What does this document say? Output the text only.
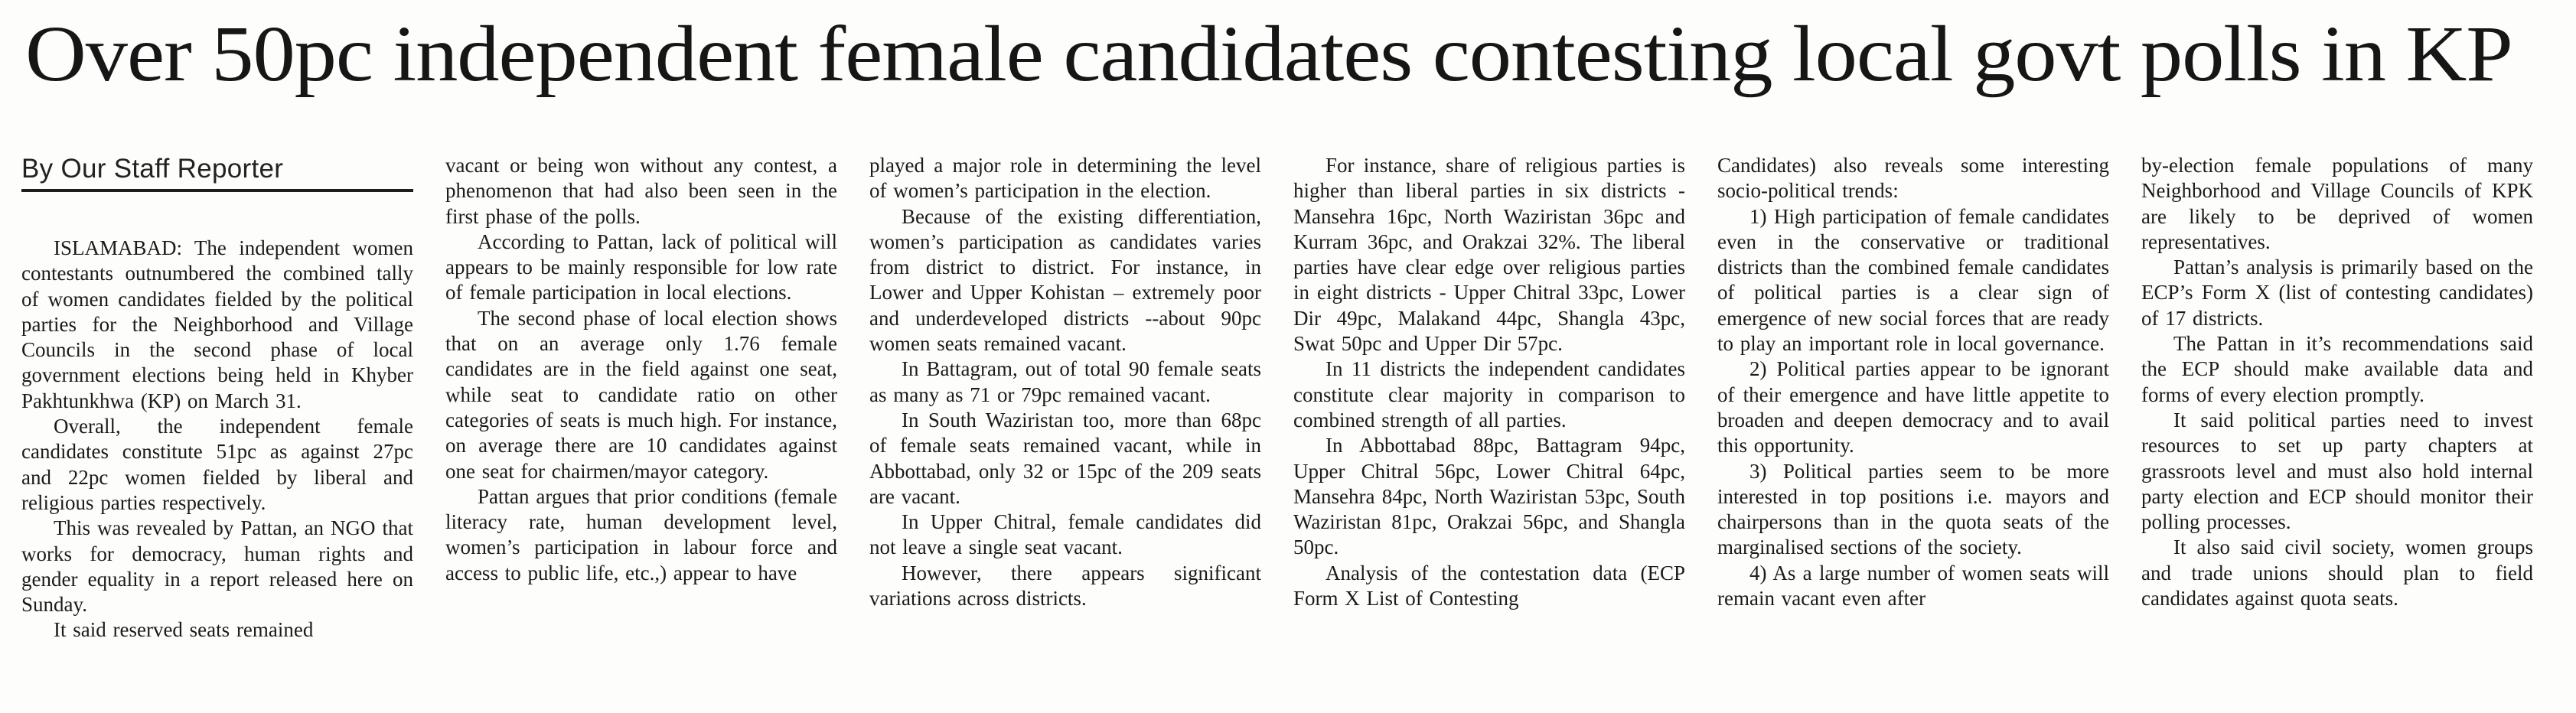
Over 50pc independent female candidates contesting local govt polls in KP
By Our Staff Reporter

ISLAMABAD: The independent women contestants outnumbered the combined tally of women candidates fielded by the political parties for the Neighborhood and Village Councils in the second phase of local government elections being held in Khyber Pakhtunkhwa (KP) on March 31.

Overall, the independent female candidates constitute 51pc as against 27pc and 22pc women fielded by liberal and religious parties respectively.

This was revealed by Pattan, an NGO that works for democracy, human rights and gender equality in a report released here on Sunday.

It said reserved seats remained

vacant or being won without any contest, a phenomenon that had also been seen in the first phase of the polls.

According to Pattan, lack of political will appears to be mainly responsible for low rate of female participation in local elections.

The second phase of local election shows that on an average only 1.76 female candidates are in the field against one seat, while seat to candidate ratio on other categories of seats is much high. For instance, on average there are 10 candidates against one seat for chairmen/mayor category.

Pattan argues that prior conditions (female literacy rate, human development level, women’s participation in labour force and access to public life, etc.,) appear to have

played a major role in determining the level of women’s participation in the election.

Because of the existing differentiation, women’s participation as candidates varies from district to district. For instance, in Lower and Upper Kohistan – extremely poor and underdeveloped districts --about 90pc women seats remained vacant.

In Battagram, out of total 90 female seats as many as 71 or 79pc remained vacant.

In South Waziristan too, more than 68pc of female seats remained vacant, while in Abbottabad, only 32 or 15pc of the 209 seats are vacant.

In Upper Chitral, female candidates did not leave a single seat vacant.

However, there appears significant variations across districts.

For instance, share of religious parties is higher than liberal parties in six districts - Mansehra 16pc, North Waziristan 36pc and Kurram 36pc, and Orakzai 32%. The liberal parties have clear edge over religious parties in eight districts - Upper Chitral 33pc, Lower Dir 49pc, Malakand 44pc, Shangla 43pc, Swat 50pc and Upper Dir 57pc.

In 11 districts the independent candidates constitute clear majority in comparison to combined strength of all parties.

In Abbottabad 88pc, Battagram 94pc, Upper Chitral 56pc, Lower Chitral 64pc, Mansehra 84pc, North Waziristan 53pc, South Waziristan 81pc, Orakzai 56pc, and Shangla 50pc.

Analysis of the contestation data (ECP Form X List of Contesting

Candidates) also reveals some interesting socio-political trends:

1) High participation of female candidates even in the conservative or traditional districts than the combined female candidates of political parties is a clear sign of emergence of new social forces that are ready to play an important role in local governance.

2) Political parties appear to be ignorant of their emergence and have little appetite to broaden and deepen democracy and to avail this opportunity.

3) Political parties seem to be more interested in top positions i.e. mayors and chairpersons than in the quota seats of the marginalised sections of the society.

4) As a large number of women seats will remain vacant even after

by-election female populations of many Neighborhood and Village Councils of KPK are likely to be deprived of women representatives.

Pattan’s analysis is primarily based on the ECP’s Form X (list of contesting candidates) of 17 districts.

The Pattan in it’s recommendations said the ECP should make available data and forms of every election promptly.

It said political parties need to invest resources to set up party chapters at grassroots level and must also hold internal party election and ECP should monitor their polling processes.

It also said civil society, women groups and trade unions should plan to field candidates against quota seats.
